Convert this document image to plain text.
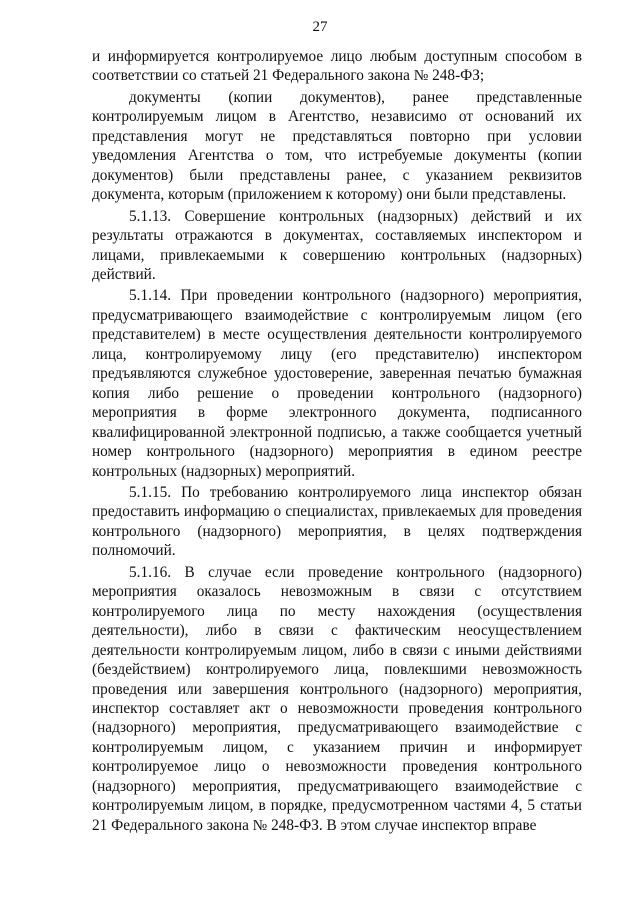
27

и информируется контролируемое лицо любым доступным способом в соответствии со статьей 21 Федерального закона № 248-ФЗ;

документы (копии документов), ранее представленные контролируемым лицом в Агентство, независимо от оснований их представления могут не представляться повторно при условии уведомления Агентства о том, что истребуемые документы (копии документов) были представлены ранее, с указанием реквизитов документа, которым (приложением к которому) они были представлены.

5.1.13. Совершение контрольных (надзорных) действий и их результаты отражаются в документах, составляемых инспектором и лицами, привлекаемыми к совершению контрольных (надзорных) действий.

5.1.14. При проведении контрольного (надзорного) мероприятия, предусматривающего взаимодействие с контролируемым лицом (его представителем) в месте осуществления деятельности контролируемого лица, контролируемому лицу (его представителю) инспектором предъявляются служебное удостоверение, заверенная печатью бумажная копия либо решение о проведении контрольного (надзорного) мероприятия в форме электронного документа, подписанного квалифицированной электронной подписью, а также сообщается учетный номер контрольного (надзорного) мероприятия в едином реестре контрольных (надзорных) мероприятий.

5.1.15. По требованию контролируемого лица инспектор обязан предоставить информацию о специалистах, привлекаемых для проведения контрольного (надзорного) мероприятия, в целях подтверждения полномочий.

5.1.16. В случае если проведение контрольного (надзорного) мероприятия оказалось невозможным в связи с отсутствием контролируемого лица по месту нахождения (осуществления деятельности), либо в связи с фактическим неосуществлением деятельности контролируемым лицом, либо в связи с иными действиями (бездействием) контролируемого лица, повлекшими невозможность проведения или завершения контрольного (надзорного) мероприятия, инспектор составляет акт о невозможности проведения контрольного (надзорного) мероприятия, предусматривающего взаимодействие с контролируемым лицом, с указанием причин и информирует контролируемое лицо о невозможности проведения контрольного (надзорного) мероприятия, предусматривающего взаимодействие с контролируемым лицом, в порядке, предусмотренном частями 4, 5 статьи 21 Федерального закона № 248-ФЗ. В этом случае инспектор вправе
